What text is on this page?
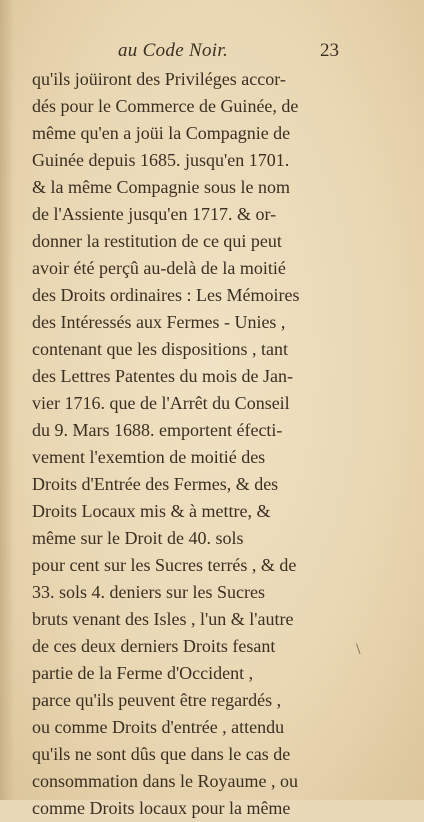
au Code Noir.	23
qu'ils joüiront des Priviléges accor-
dés pour le Commerce de Guinée, de
même qu'en a joüi la Compagnie de
Guinée depuis 1685. jusqu'en 1701.
& la même Compagnie sous le nom
de l'Assiente jusqu'en 1717. & or-
donner la restitution de ce qui peut
avoir été perçû au-delà de la moitié
des Droits ordinaires : Les Mémoires
des Intéressés aux Fermes - Unies ,
contenant que les dispositions , tant
des Lettres Patentes du mois de Jan-
vier 1716. que de l'Arrêt du Conseil
du 9. Mars 1688. emportent éfecti-
vement l'exemtion de moitié des
Droits d'Entrée des Fermes, & des
Droits Locaux mis & à mettre, &
même sur le Droit de 40. sols
pour cent sur les Sucres terrés , & de
33. sols 4. deniers sur les Sucres
bruts venant des Isles , l'un & l'autre
de ces deux derniers Droits fesant
partie de la Ferme d'Occident ,
parce qu'ils peuvent être regardés ,
ou comme Droits d'entrée , attendu
qu'ils ne sont dûs que dans le cas de
consommation dans le Royaume , ou
comme Droits locaux pour la même
\
